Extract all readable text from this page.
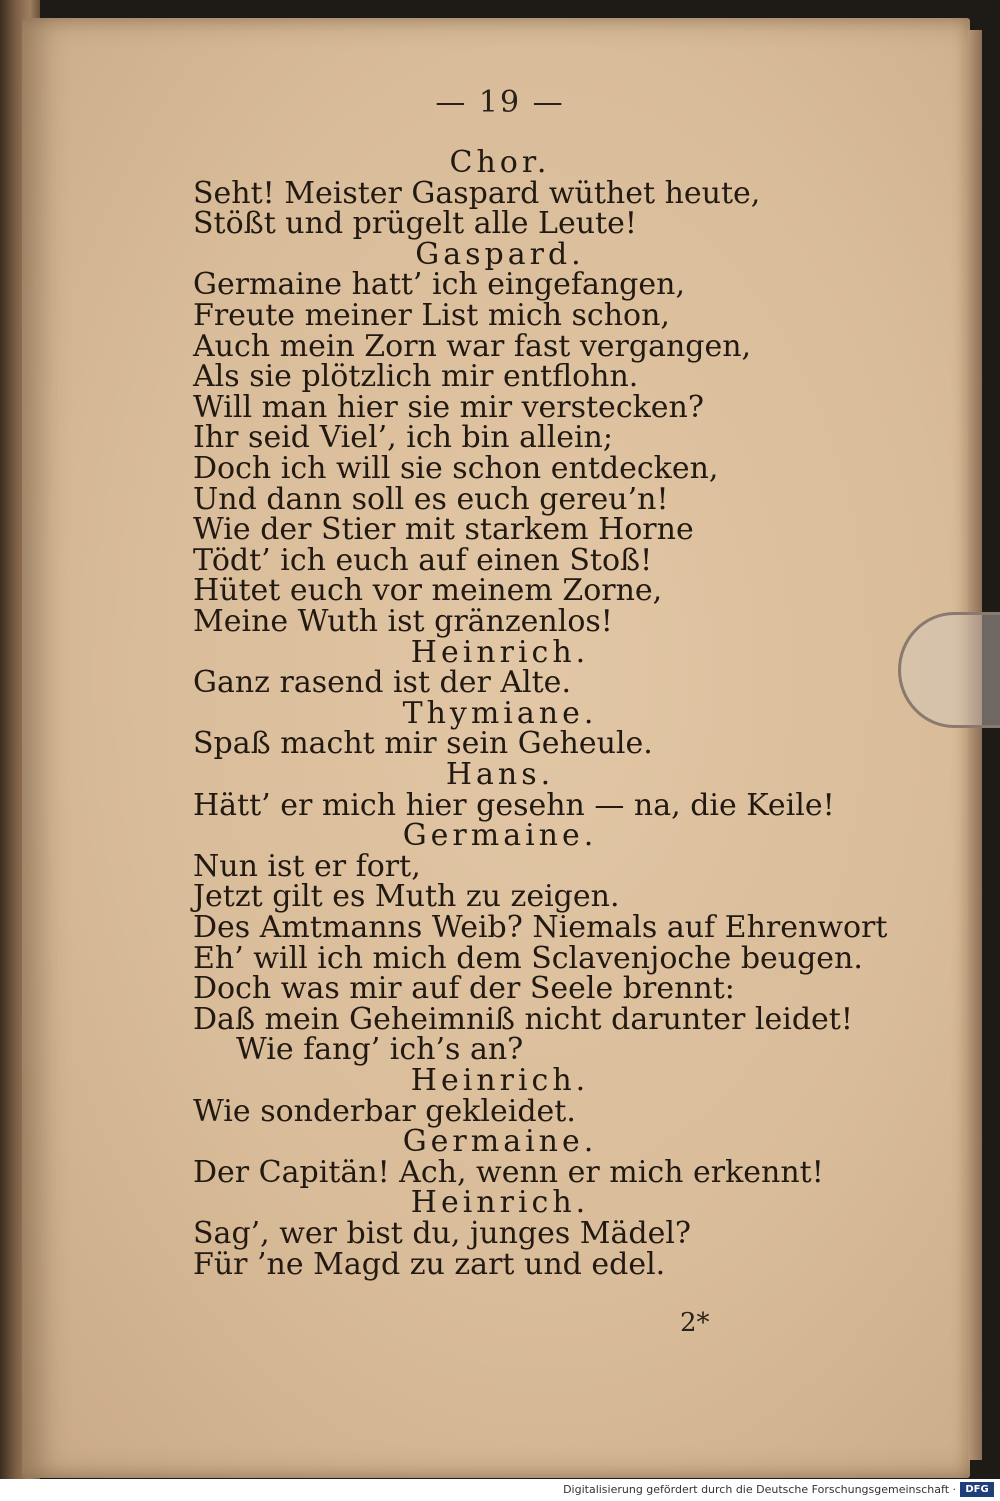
— 19 —
Chor.
Seht! Meister Gaspard wüthet heute,
Stößt und prügelt alle Leute!
Gaspard.
Germaine hatt’ ich eingefangen,
Freute meiner List mich schon,
Auch mein Zorn war fast vergangen,
Als sie plötzlich mir entflohn.
Will man hier sie mir verstecken?
Ihr seid Viel’, ich bin allein;
Doch ich will sie schon entdecken,
Und dann soll es euch gereu’n!
Wie der Stier mit starkem Horne
Tödt’ ich euch auf einen Stoß!
Hütet euch vor meinem Zorne,
Meine Wuth ist gränzenlos!
Heinrich.
Ganz rasend ist der Alte.
Thymiane.
Spaß macht mir sein Geheule.
Hans.
Hätt’ er mich hier gesehn — na, die Keile!
Germaine.
Nun ist er fort,
Jetzt gilt es Muth zu zeigen.
Des Amtmanns Weib? Niemals auf Ehrenwort
Eh’ will ich mich dem Sclavenjoche beugen.
Doch was mir auf der Seele brennt:
Daß mein Geheimniß nicht darunter leidet!
Wie fang’ ich’s an?
Heinrich.
Wie sonderbar gekleidet.
Germaine.
Der Capitän! Ach, wenn er mich erkennt!
Heinrich.
Sag’, wer bist du, junges Mädel?
Für ’ne Magd zu zart und edel.
2*
Digitalisierung gefördert durch die Deutsche Forschungsgemeinschaft · DFG
